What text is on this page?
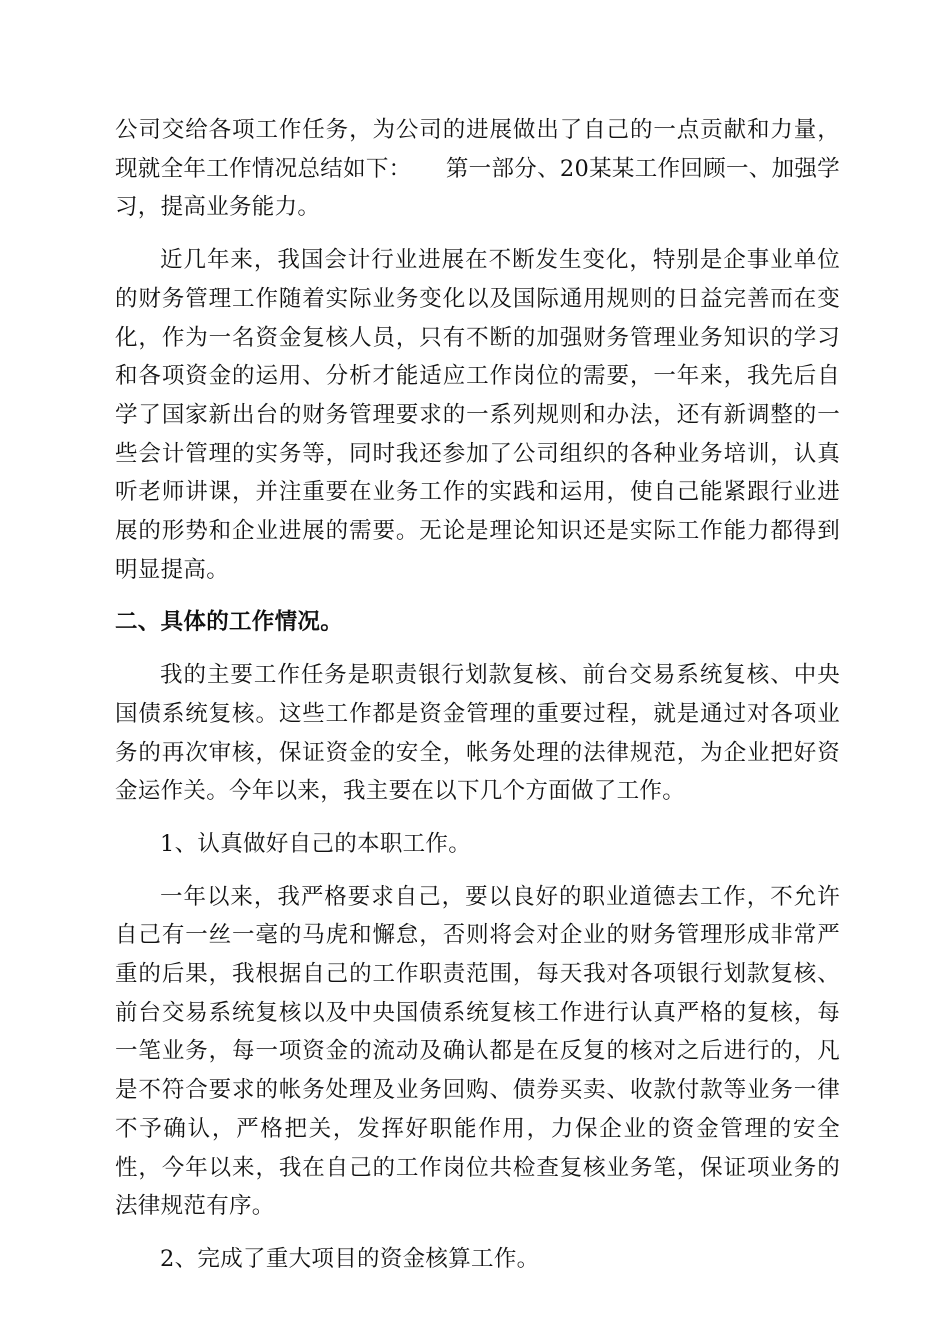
公司交给各项工作任务，为公司的进展做出了自己的一点贡献和力量，现就全年工作情况总结如下：　　第一部分、20某某工作回顾一、加强学习，提高业务能力。

近几年来，我国会计行业进展在不断发生变化，特别是企事业单位的财务管理工作随着实际业务变化以及国际通用规则的日益完善而在变化，作为一名资金复核人员，只有不断的加强财务管理业务知识的学习和各项资金的运用、分析才能适应工作岗位的需要，一年来，我先后自学了国家新出台的财务管理要求的一系列规则和办法，还有新调整的一些会计管理的实务等，同时我还参加了公司组织的各种业务培训，认真听老师讲课，并注重要在业务工作的实践和运用，使自己能紧跟行业进展的形势和企业进展的需要。无论是理论知识还是实际工作能力都得到明显提高。

二、具体的工作情况。

我的主要工作任务是职责银行划款复核、前台交易系统复核、中央国债系统复核。这些工作都是资金管理的重要过程，就是通过对各项业务的再次审核，保证资金的安全，帐务处理的法律规范，为企业把好资金运作关。今年以来，我主要在以下几个方面做了工作。

1、认真做好自己的本职工作。

一年以来，我严格要求自己，要以良好的职业道德去工作，不允许自己有一丝一毫的马虎和懈怠，否则将会对企业的财务管理形成非常严重的后果，我根据自己的工作职责范围，每天我对各项银行划款复核、前台交易系统复核以及中央国债系统复核工作进行认真严格的复核，每一笔业务，每一项资金的流动及确认都是在反复的核对之后进行的，凡是不符合要求的帐务处理及业务回购、债券买卖、收款付款等业务一律不予确认，严格把关，发挥好职能作用，力保企业的资金管理的安全性，今年以来，我在自己的工作岗位共检查复核业务笔，保证项业务的法律规范有序。

2、完成了重大项目的资金核算工作。
